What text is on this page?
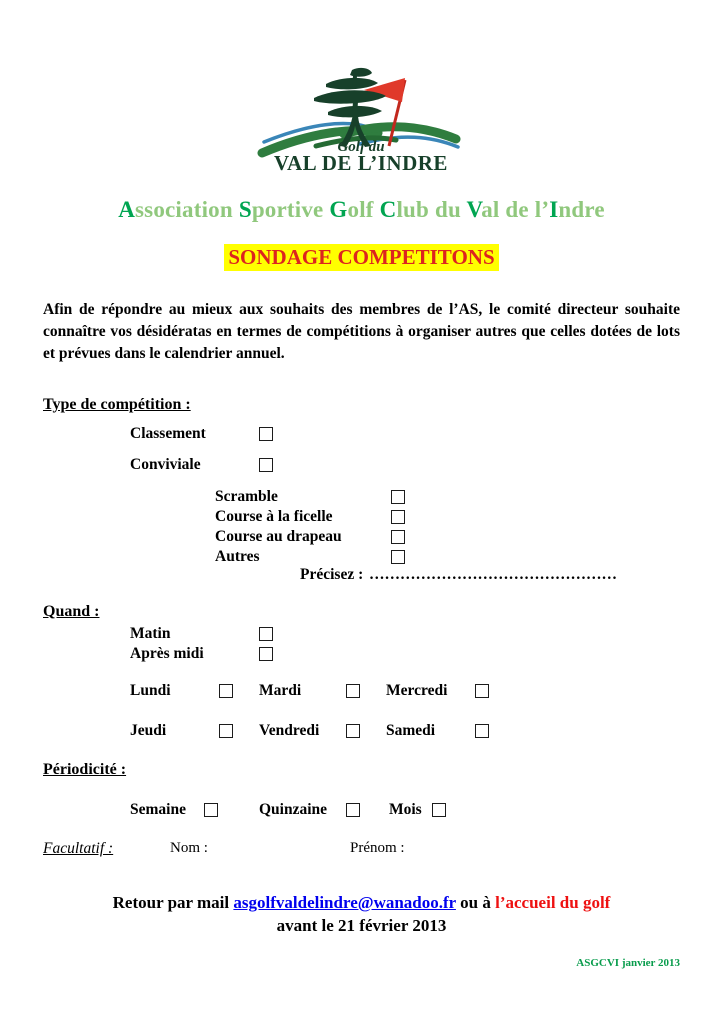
Golf du
VAL DE L’INDRE
Association Sportive Golf Club du Val de l’Indre
SONDAGE COMPETITONS
Afin de répondre au mieux aux souhaits des membres de l’AS, le comité directeur souhaite connaître vos désidératas en termes de compétitions à organiser autres que celles dotées de lots et prévues dans le calendrier annuel.
Type de compétition :
Classement
Conviviale
Scramble
Course à la ficelle
Course au drapeau
Autres
Précisez : …………………………………………
Quand :
Matin
Après midi
Lundi	Mardi	Mercredi
Jeudi	Vendredi	Samedi
Périodicité :
Semaine	Quinzaine	Mois
Facultatif :	Nom :	Prénom :
Retour par mail asgolfvaldelindre@wanadoo.fr ou à l’accueil du golf
avant le 21 février 2013
ASGCVI janvier 2013
